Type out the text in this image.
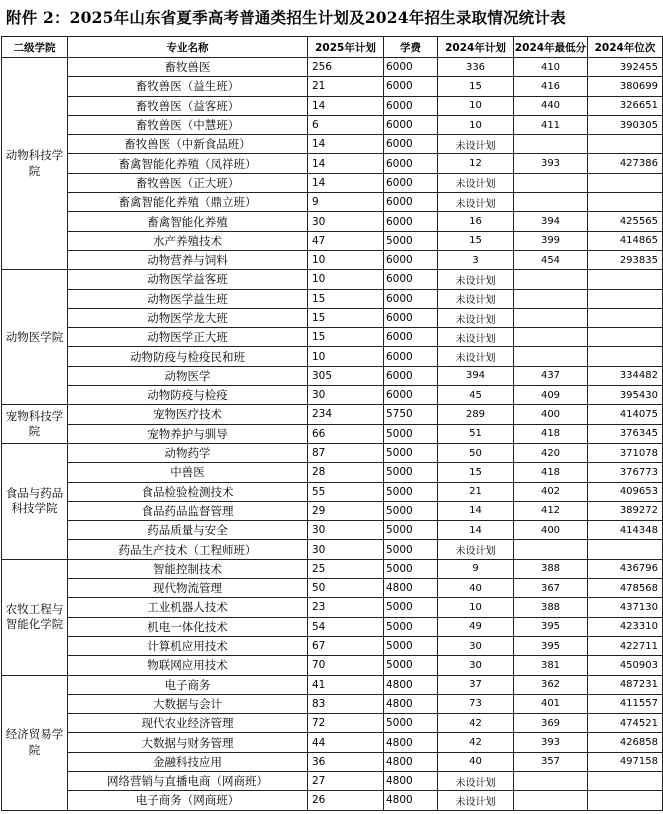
附件 2：2025年山东省夏季高考普通类招生计划及2024年招生录取情况统计表
二级学院	专业名称	2025年计划	学费	2024年计划	2024年最低分	2024年位次
动物科技学院	畜牧兽医	256	6000	336	410	392455
	畜牧兽医（益生班）	21	6000	15	416	380699
	畜牧兽医（益客班）	14	6000	10	440	326651
	畜牧兽医（中慧班）	6	6000	10	411	390305
	畜牧兽医（中新食品班）	14	6000	未设计划		
	畜禽智能化养殖（凤祥班）	14	6000	12	393	427386
	畜牧兽医（正大班）	14	6000	未设计划		
	畜禽智能化养殖（鼎立班）	9	6000	未设计划		
	畜禽智能化养殖	30	6000	16	394	425565
	水产养殖技术	47	5000	15	399	414865
	动物营养与饲料	10	6000	3	454	293835
动物医学院	动物医学益客班	10	6000	未设计划		
	动物医学益生班	15	6000	未设计划		
	动物医学龙大班	15	6000	未设计划		
	动物医学正大班	15	6000	未设计划		
	动物防疫与检疫民和班	10	6000	未设计划		
	动物医学	305	6000	394	437	334482
	动物防疫与检疫	30	6000	45	409	395430
宠物科技学院	宠物医疗技术	234	5750	289	400	414075
	宠物养护与驯导	66	5000	51	418	376345
食品与药品科技学院	动物药学	87	5000	50	420	371078
	中兽医	28	5000	15	418	376773
	食品检验检测技术	55	5000	21	402	409653
	食品药品监督管理	29	5000	14	412	389272
	药品质量与安全	30	5000	14	400	414348
	药品生产技术（工程师班）	30	5000	未设计划		
农牧工程与智能化学院	智能控制技术	25	5000	9	388	436796
	现代物流管理	50	4800	40	367	478568
	工业机器人技术	23	5000	10	388	437130
	机电一体化技术	54	5000	49	395	423310
	计算机应用技术	67	5000	30	395	422711
	物联网应用技术	70	5000	30	381	450903
经济贸易学院	电子商务	41	4800	37	362	487231
	大数据与会计	83	4800	73	401	411557
	现代农业经济管理	72	5000	42	369	474521
	大数据与财务管理	44	4800	42	393	426858
	金融科技应用	36	4800	40	357	497158
	网络营销与直播电商（网商班）	27	4800	未设计划		
	电子商务（网商班）	26	4800	未设计划		
